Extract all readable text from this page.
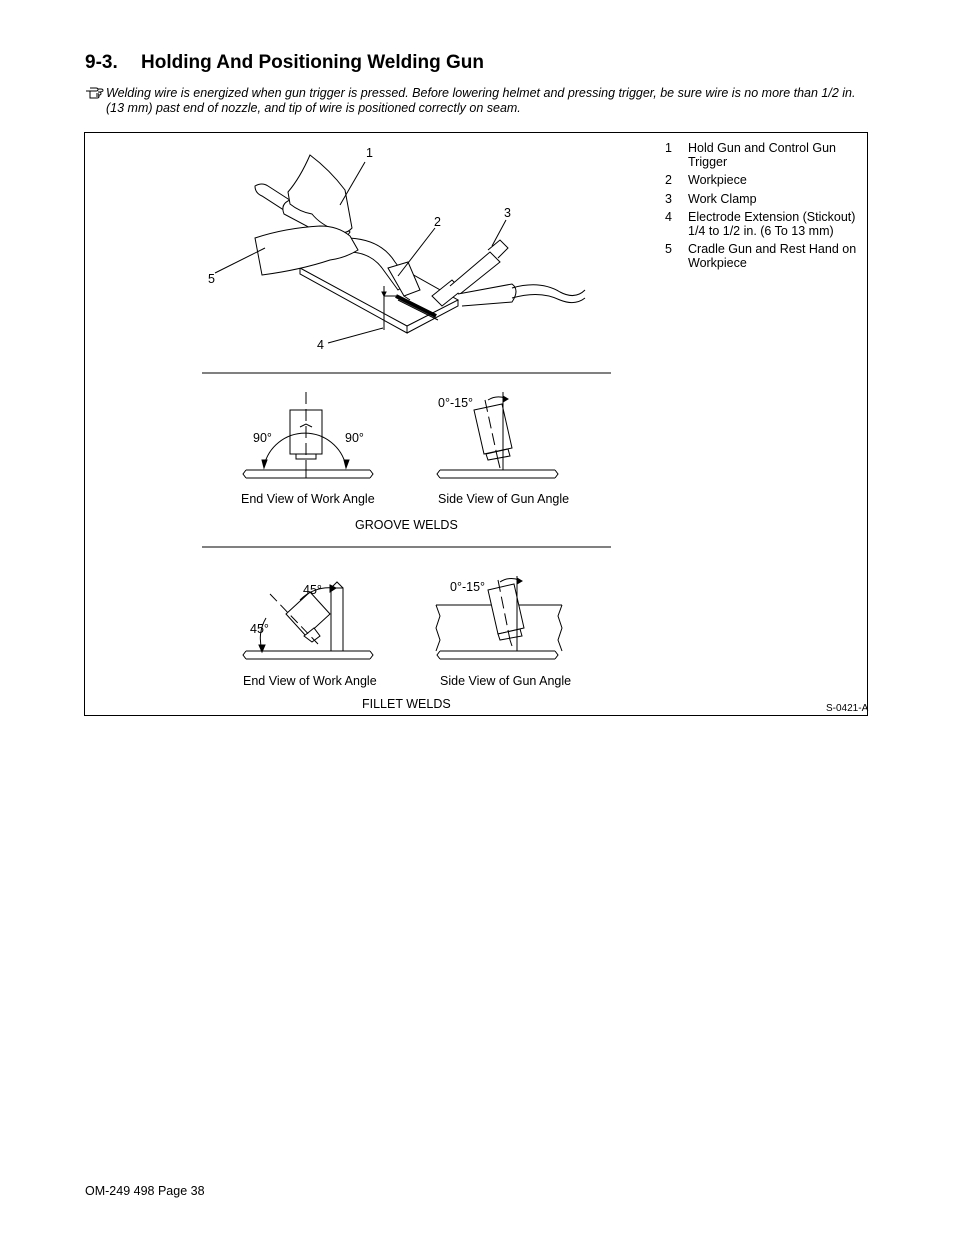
9-3. Holding And Positioning Welding Gun
Welding wire is energized when gun trigger is pressed. Before lowering helmet and pressing trigger, be sure wire is no more than 1/2 in. (13 mm) past end of nozzle, and tip of wire is positioned correctly on seam.
1	Hold Gun and Control Gun Trigger
2	Workpiece
3	Work Clamp
4	Electrode Extension (Stickout) 1/4 to 1/2 in. (6 To 13 mm)
5	Cradle Gun and Rest Hand on Workpiece
1
2
3
4
5
90°	90°
End View of Work Angle
0°-15°
Side View of Gun Angle
GROOVE WELDS
45°
45°
End View of Work Angle
0°-15°
Side View of Gun Angle
FILLET WELDS	S-0421-A
OM-249 498 Page 38
